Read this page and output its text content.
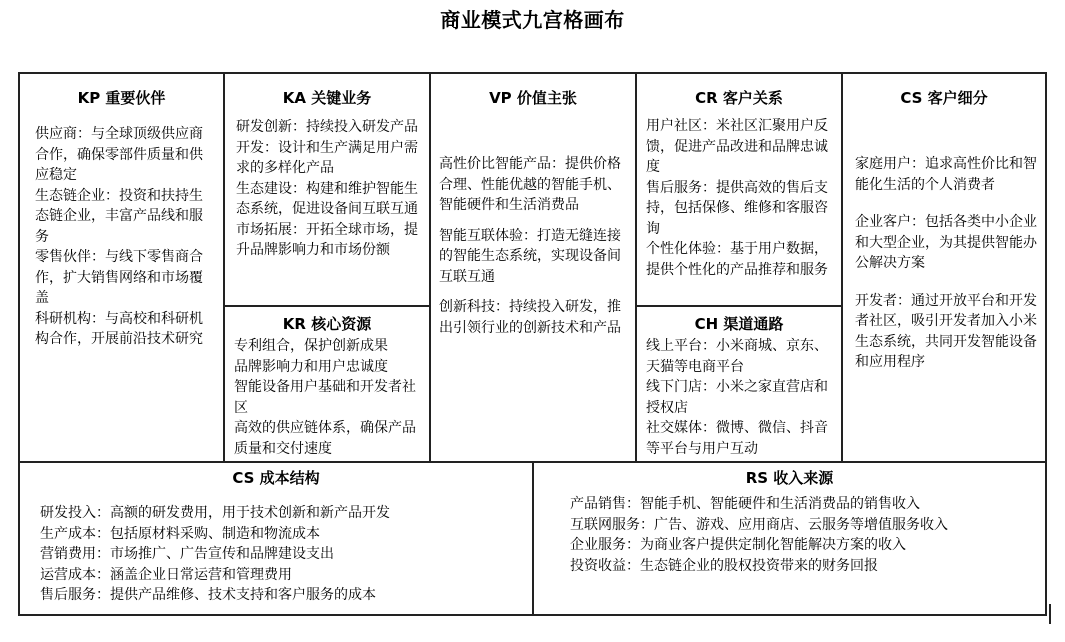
商业模式九宫格画布
KP 重要伙伴
供应商：与全球顶级供应商合作，确保零部件质量和供应稳定
生态链企业：投资和扶持生态链企业，丰富产品线和服务
零售伙伴：与线下零售商合作，扩大销售网络和市场覆盖
科研机构：与高校和科研机构合作，开展前沿技术研究
KA 关键业务
研发创新：持续投入研发产品开发：设计和生产满足用户需求的多样化产品
生态建设：构建和维护智能生态系统，促进设备间互联互通
市场拓展：开拓全球市场，提升品牌影响力和市场份额
KR 核心资源
专利组合，保护创新成果
品牌影响力和用户忠诚度
智能设备用户基础和开发者社区
高效的供应链体系，确保产品质量和交付速度
VP 价值主张
高性价比智能产品：提供价格合理、性能优越的智能手机、智能硬件和生活消费品
智能互联体验：打造无缝连接的智能生态系统，实现设备间互联互通
创新科技：持续投入研发，推出引领行业的创新技术和产品
CR 客户关系
用户社区：米社区汇聚用户反馈，促进产品改进和品牌忠诚度
售后服务：提供高效的售后支持，包括保修、维修和客服咨询
个性化体验：基于用户数据，提供个性化的产品推荐和服务
CH 渠道通路
线上平台：小米商城、京东、天猫等电商平台
线下门店：小米之家直营店和授权店
社交媒体：微博、微信、抖音等平台与用户互动
CS 客户细分
家庭用户：追求高性价比和智能化生活的个人消费者
企业客户：包括各类中小企业和大型企业，为其提供智能办公解决方案
开发者：通过开放平台和开发者社区，吸引开发者加入小米生态系统，共同开发智能设备和应用程序
CS 成本结构
研发投入：高额的研发费用，用于技术创新和新产品开发
生产成本：包括原材料采购、制造和物流成本
营销费用：市场推广、广告宣传和品牌建设支出
运营成本：涵盖企业日常运营和管理费用
售后服务：提供产品维修、技术支持和客户服务的成本
RS 收入来源
产品销售：智能手机、智能硬件和生活消费品的销售收入
互联网服务：广告、游戏、应用商店、云服务等增值服务收入
企业服务：为商业客户提供定制化智能解决方案的收入
投资收益：生态链企业的股权投资带来的财务回报
